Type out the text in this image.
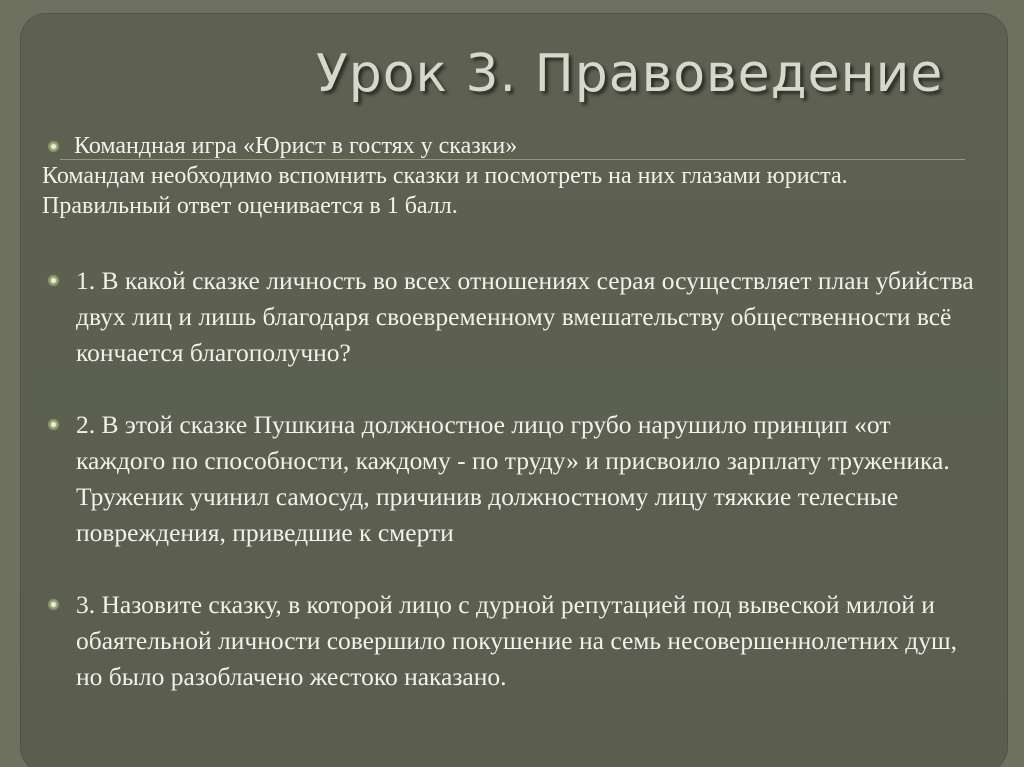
Урок 3. Правоведение
Командная игра «Юрист в гостях у сказки»

Командам необходимо вспомнить сказки и посмотреть на них глазами юриста. Правильный ответ оценивается в 1 балл.

1. В какой сказке личность во всех отношениях серая осуществляет план убийства двух лиц и лишь благодаря своевременному вмешательству общественности всё кончается благополучно?
2. В этой сказке Пушкина должностное лицо грубо нарушило принцип «от каждого по способности, каждому - по труду» и присвоило зарплату труженика. Труженик учинил самосуд, причинив должностному лицу тяжкие телесные повреждения, приведшие к смерти
3. Назовите сказку, в которой лицо с дурной репутацией под вывеской милой и обаятельной личности совершило покушение на семь несовершеннолетних душ, но было разоблачено жестоко наказано.
